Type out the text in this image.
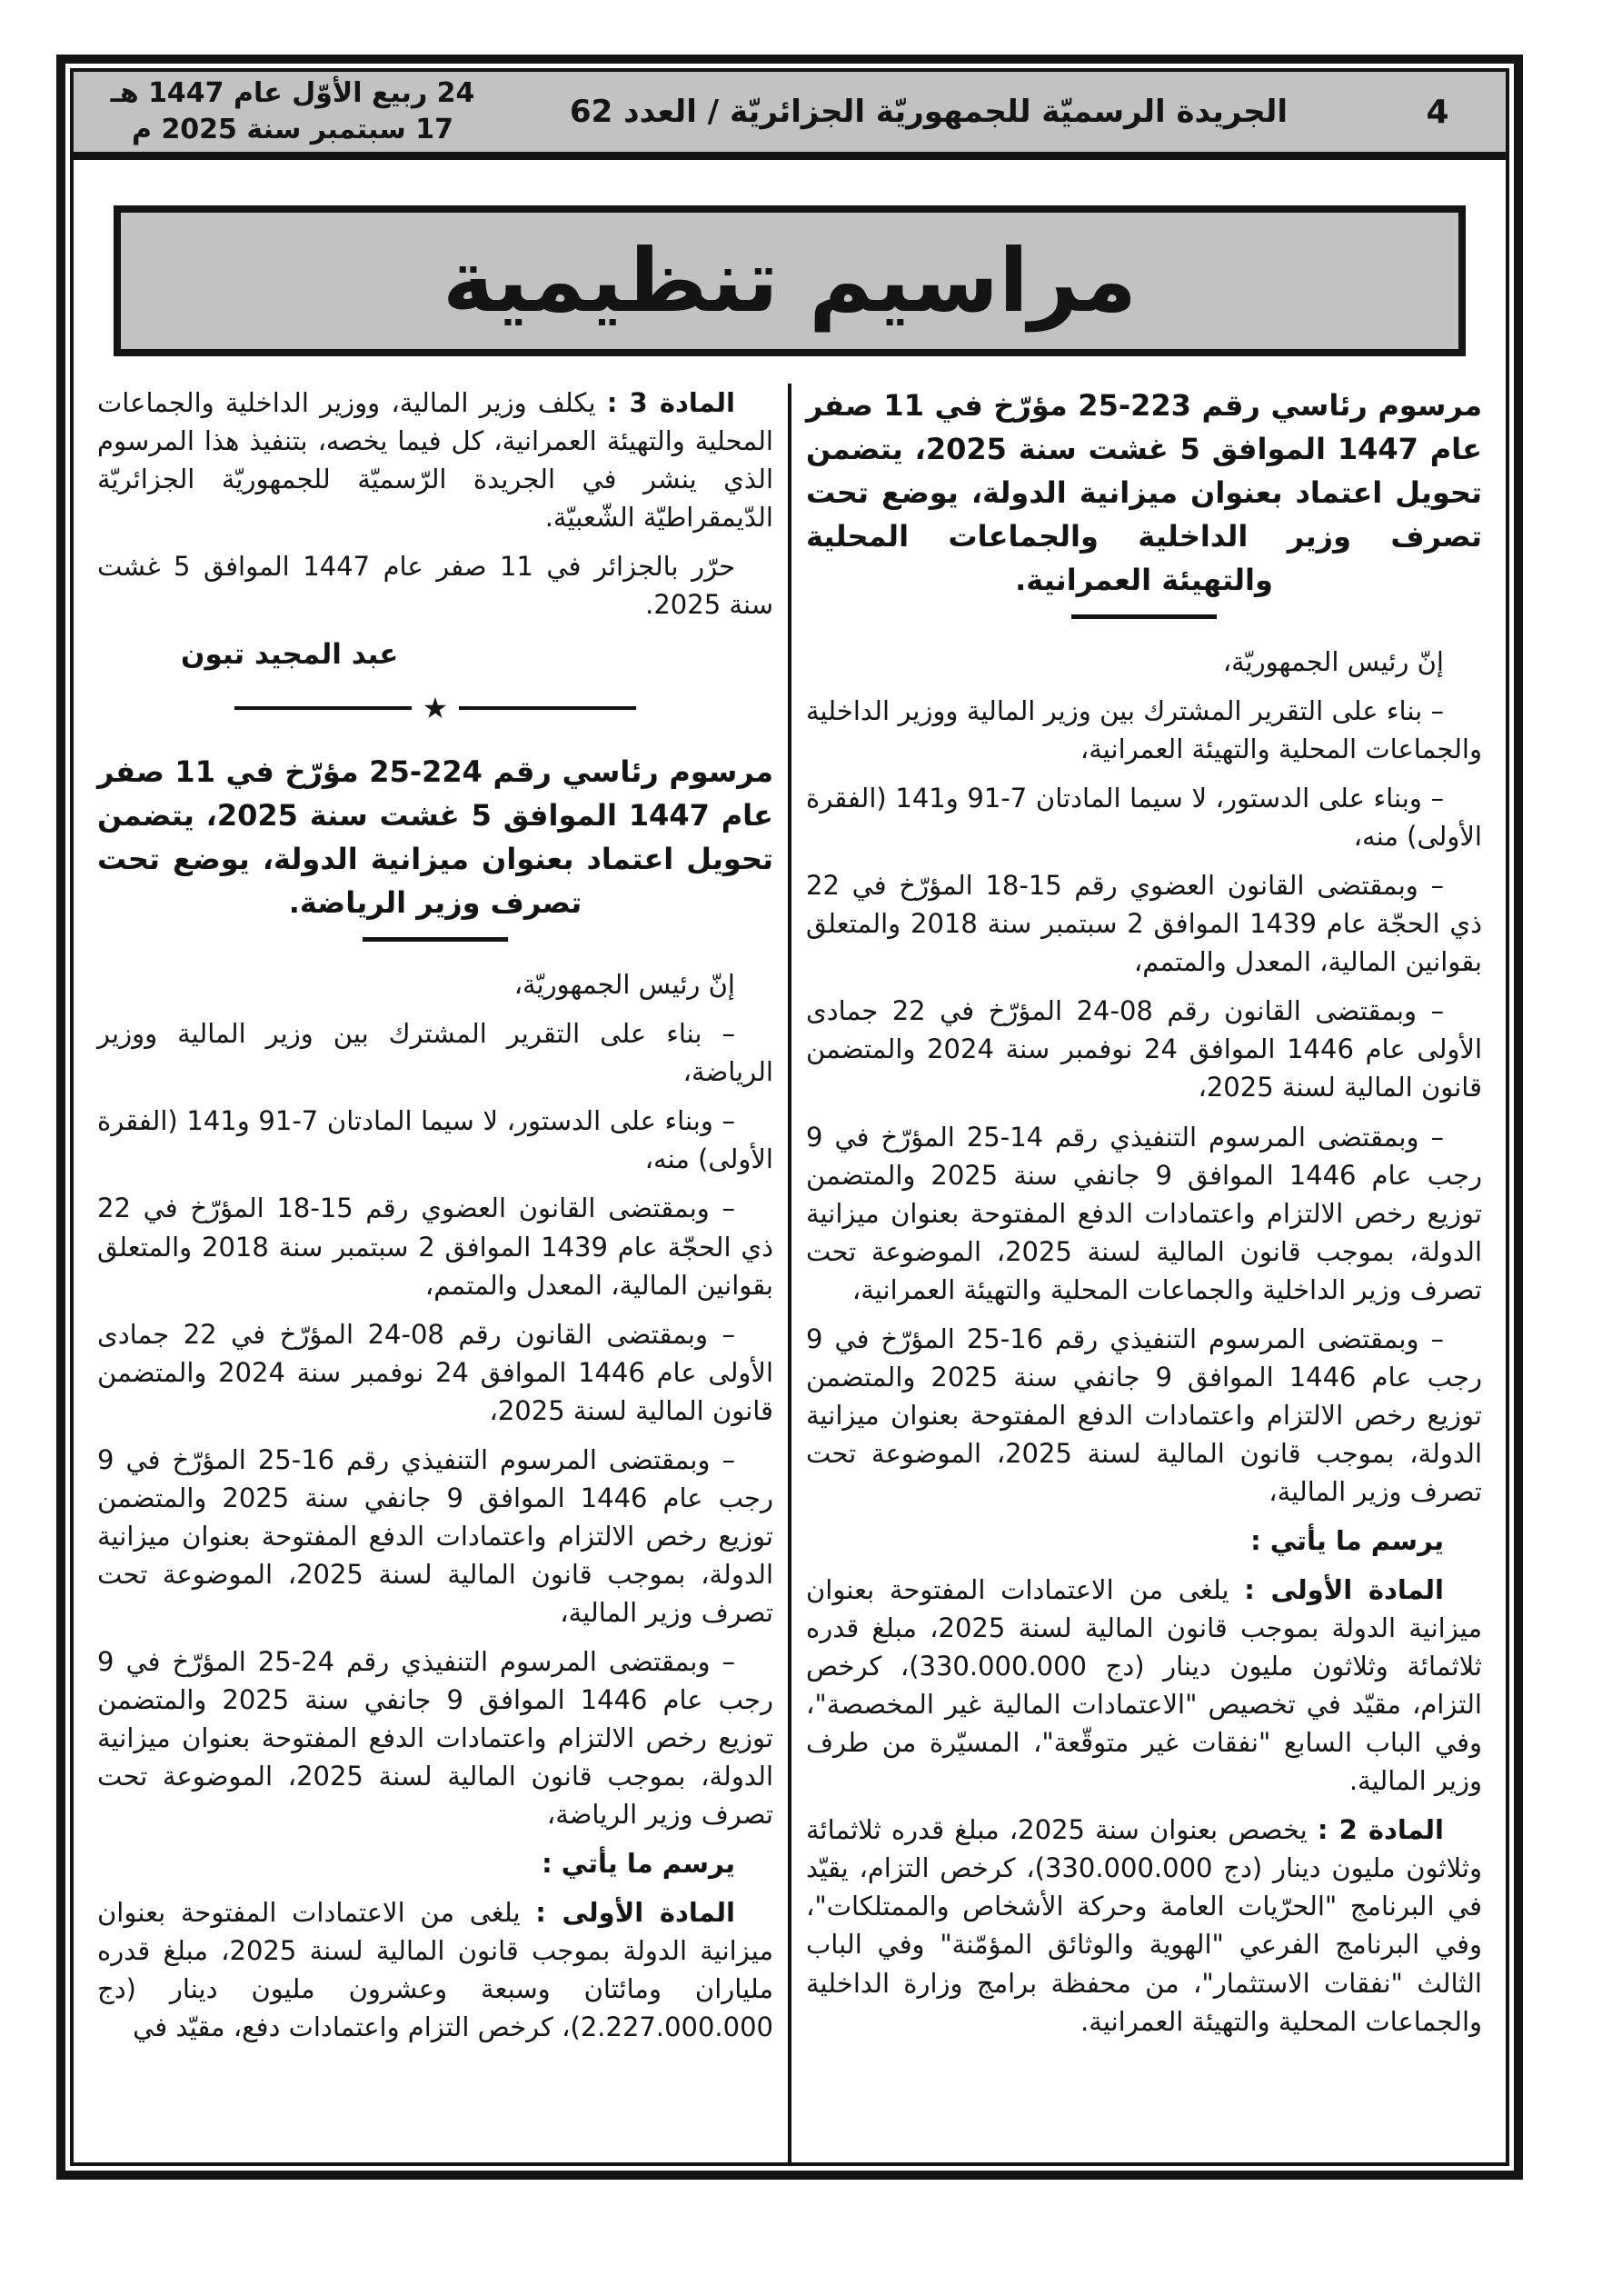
4
الجريدة الرسميّة للجمهوريّة الجزائريّة / العدد 62
24 ربيع الأوّل عام 1447 هـ
17 سبتمبر سنة 2025 م
مراسيم تنظيمية

مرسوم رئاسي رقم 223-25 مؤرّخ في 11 صفر عام 1447 الموافق 5 غشت سنة 2025، يتضمن تحويل اعتماد بعنوان ميزانية الدولة، يوضع تحت تصرف وزير الداخلية والجماعات المحلية والتهيئة العمرانية.

إنّ رئيس الجمهوريّة،

– بناء على التقرير المشترك بين وزير المالية ووزير الداخلية والجماعات المحلية والتهيئة العمرانية،

– وبناء على الدستور، لا سيما المادتان 7-91 و141 (الفقرة الأولى) منه،

– وبمقتضى القانون العضوي رقم 15-18 المؤرّخ في 22 ذي الحجّة عام 1439 الموافق 2 سبتمبر سنة 2018 والمتعلق بقوانين المالية، المعدل والمتمم،

– وبمقتضى القانون رقم 08-24 المؤرّخ في 22 جمادى الأولى عام 1446 الموافق 24 نوفمبر سنة 2024 والمتضمن قانون المالية لسنة 2025،

– وبمقتضى المرسوم التنفيذي رقم 14-25 المؤرّخ في 9 رجب عام 1446 الموافق 9 جانفي سنة 2025 والمتضمن توزيع رخص الالتزام واعتمادات الدفع المفتوحة بعنوان ميزانية الدولة، بموجب قانون المالية لسنة 2025، الموضوعة تحت تصرف وزير الداخلية والجماعات المحلية والتهيئة العمرانية،

– وبمقتضى المرسوم التنفيذي رقم 16-25 المؤرّخ في 9 رجب عام 1446 الموافق 9 جانفي سنة 2025 والمتضمن توزيع رخص الالتزام واعتمادات الدفع المفتوحة بعنوان ميزانية الدولة، بموجب قانون المالية لسنة 2025، الموضوعة تحت تصرف وزير المالية،

يرسم ما يأتي :

المادة الأولى : يلغى من الاعتمادات المفتوحة بعنوان ميزانية الدولة بموجب قانون المالية لسنة 2025، مبلغ قدره ثلاثمائة وثلاثون مليون دينار (دج 330.000.000)، كرخص التزام، مقيّد في تخصيص "الاعتمادات المالية غير المخصصة"، وفي الباب السابع "نفقات غير متوقّعة"، المسيّرة من طرف وزير المالية.

المادة 2 : يخصص بعنوان سنة 2025، مبلغ قدره ثلاثمائة وثلاثون مليون دينار (دج 330.000.000)، كرخص التزام، يقيّد في البرنامج "الحرّيات العامة وحركة الأشخاص والممتلكات"، وفي البرنامج الفرعي "الهوية والوثائق المؤمّنة" وفي الباب الثالث "نفقات الاستثمار"، من محفظة برامج وزارة الداخلية والجماعات المحلية والتهيئة العمرانية.

المادة 3 : يكلف وزير المالية، ووزير الداخلية والجماعات المحلية والتهيئة العمرانية، كل فيما يخصه، بتنفيذ هذا المرسوم الذي ينشر في الجريدة الرّسميّة للجمهوريّة الجزائريّة الدّيمقراطيّة الشّعبيّة.

حرّر بالجزائر في 11 صفر عام 1447 الموافق 5 غشت سنة 2025.

عبد المجيد تبون
★

مرسوم رئاسي رقم 224-25 مؤرّخ في 11 صفر عام 1447 الموافق 5 غشت سنة 2025، يتضمن تحويل اعتماد بعنوان ميزانية الدولة، يوضع تحت تصرف وزير الرياضة.

إنّ رئيس الجمهوريّة،

– بناء على التقرير المشترك بين وزير المالية ووزير الرياضة،

– وبناء على الدستور، لا سيما المادتان 7-91 و141 (الفقرة الأولى) منه،

– وبمقتضى القانون العضوي رقم 15-18 المؤرّخ في 22 ذي الحجّة عام 1439 الموافق 2 سبتمبر سنة 2018 والمتعلق بقوانين المالية، المعدل والمتمم،

– وبمقتضى القانون رقم 08-24 المؤرّخ في 22 جمادى الأولى عام 1446 الموافق 24 نوفمبر سنة 2024 والمتضمن قانون المالية لسنة 2025،

– وبمقتضى المرسوم التنفيذي رقم 16-25 المؤرّخ في 9 رجب عام 1446 الموافق 9 جانفي سنة 2025 والمتضمن توزيع رخص الالتزام واعتمادات الدفع المفتوحة بعنوان ميزانية الدولة، بموجب قانون المالية لسنة 2025، الموضوعة تحت تصرف وزير المالية،

– وبمقتضى المرسوم التنفيذي رقم 24-25 المؤرّخ في 9 رجب عام 1446 الموافق 9 جانفي سنة 2025 والمتضمن توزيع رخص الالتزام واعتمادات الدفع المفتوحة بعنوان ميزانية الدولة، بموجب قانون المالية لسنة 2025، الموضوعة تحت تصرف وزير الرياضة،

يرسم ما يأتي :

المادة الأولى : يلغى من الاعتمادات المفتوحة بعنوان ميزانية الدولة بموجب قانون المالية لسنة 2025، مبلغ قدره ملياران ومائتان وسبعة وعشرون مليون دينار (دج 2.227.000.000)، كرخص التزام واعتمادات دفع، مقيّد في
